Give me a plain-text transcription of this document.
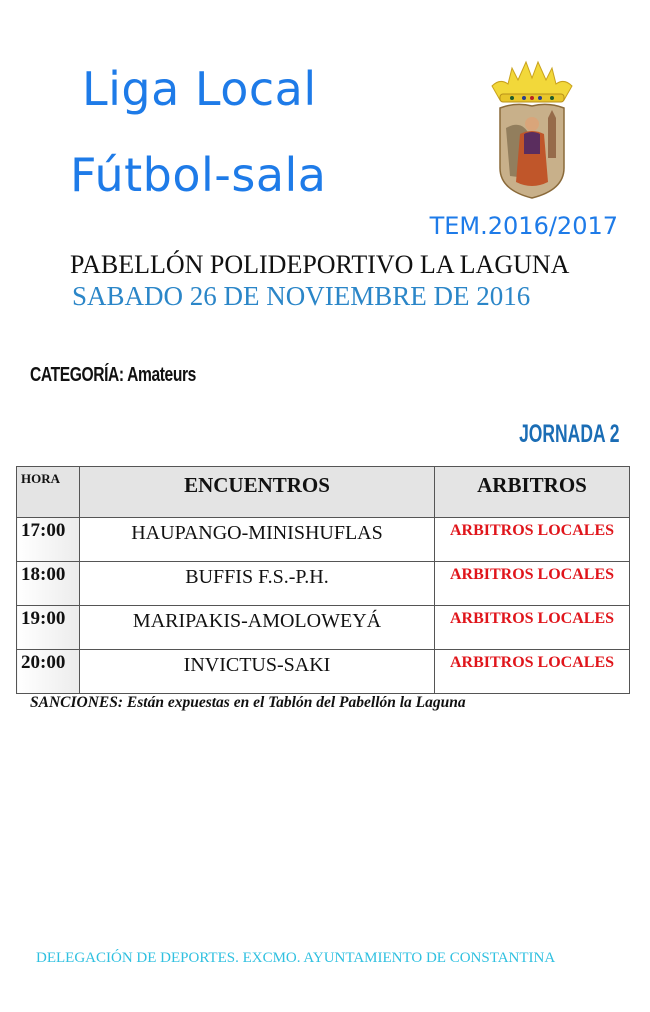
Liga Local
Fútbol-sala
TEM.2016/2017
PABELLÓN POLIDEPORTIVO LA LAGUNA
SABADO 26 DE NOVIEMBRE DE 2016
CATEGORÍA: Amateurs
JORNADA 2
HORA	ENCUENTROS	ARBITROS
17:00	HAUPANGO-MINISHUFLAS	ARBITROS LOCALES
18:00	BUFFIS F.S.-P.H.	ARBITROS LOCALES
19:00	MARIPAKIS-AMOLOWEYÁ	ARBITROS LOCALES
20:00	INVICTUS-SAKI	ARBITROS LOCALES
SANCIONES: Están expuestas en el Tablón del Pabellón la Laguna
DELEGACIÓN DE DEPORTES. EXCMO. AYUNTAMIENTO DE CONSTANTINA
